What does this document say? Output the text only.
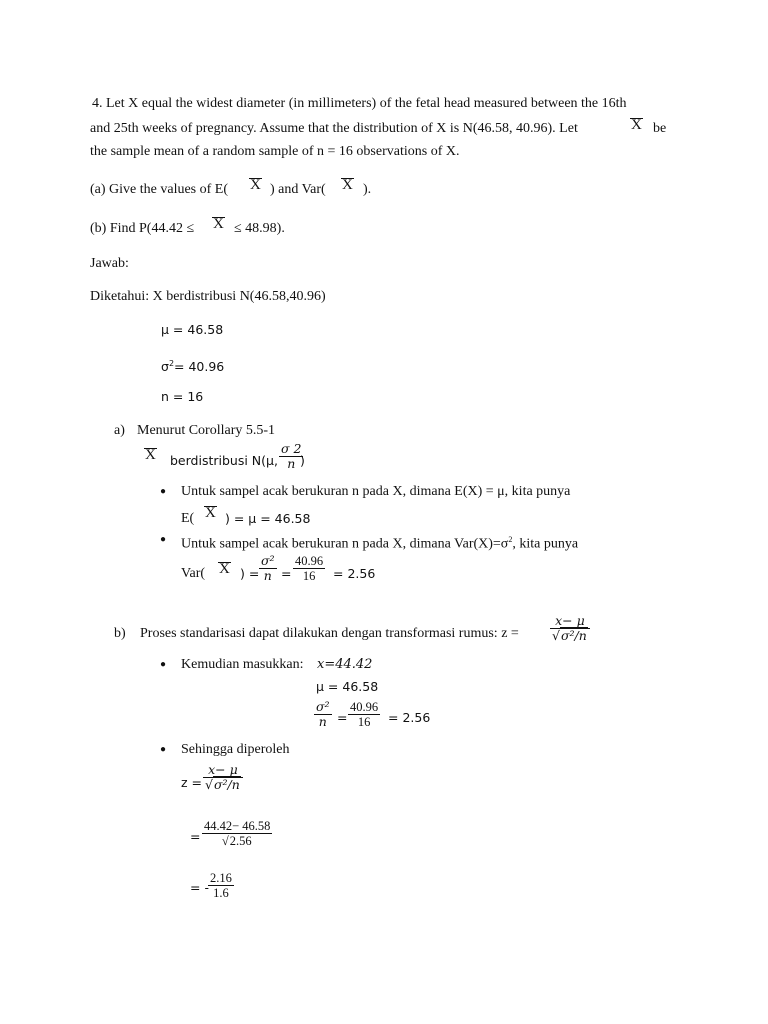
4. Let X equal the widest diameter (in millimeters) of the fetal head measured between the 16th
and 25th weeks of pregnancy. Assume that the distribution of X is N(46.58, 40.96). Let	X be
the sample mean of a random sample of n = 16 observations of X.
(a) Give the values of E( X ) and Var( X ).
(b) Find P(44.42 ≤ X ≤ 48.98).
Jawab:
Diketahui: X berdistribusi N(46.58,40.96)
μ = 46.58
$\sigma^2= 40.96$
n = 16
a) Menurut Corollary 5.5-1
X berdistribusi N(μ, $\frac{\sigma 2}{n}$
)
● Untuk sampel acak berukuran n pada X, dimana E(X) = μ, kita punya
E( X ) = μ = 46.58
● Untuk sampel acak berukuran n pada X, dimana $Var(X)=\sigma^2$, kita punya
Var( X ) = $\frac{\text{σ²}}{n} = \frac{40.96}{16} = 2.56$
b) Proses standarisasi dapat dilakukan dengan transformasi rumus: $z = \frac{x- \mu}{\text{√σ²/n}}$
● Kemudian masukkan: x=44.42
μ = 46.58
$\frac{\text{σ²}}{n} = \frac{40.96}{16} = 2.56$
● Sehingga diperoleh
$z = \frac{x- \mu}{\text{√σ²/n}}$
= $\frac{44.42- 46.58}{√2.56}$
= - $\frac{2.16}{1.6}$
